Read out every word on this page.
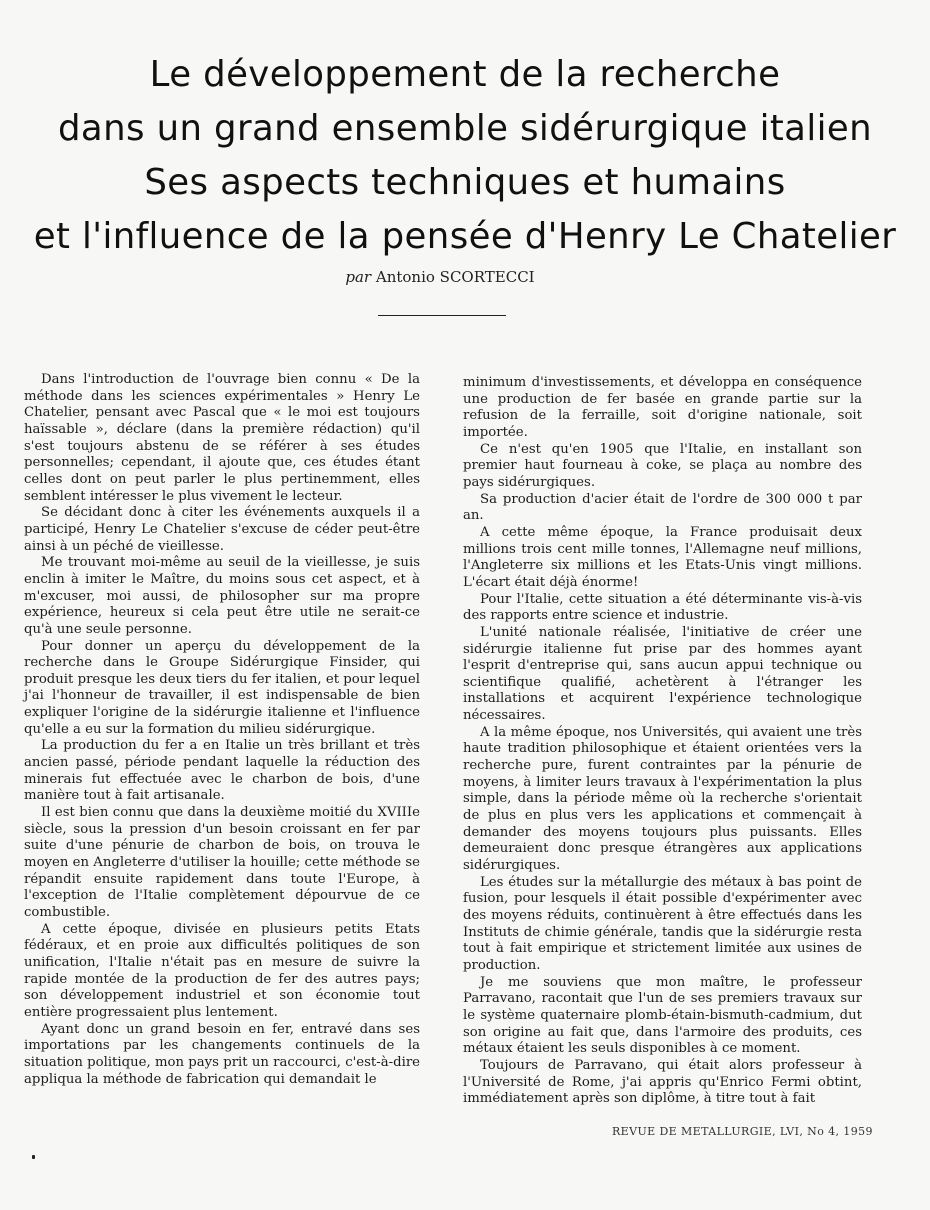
Le développement de la recherche
dans un grand ensemble sidérurgique italien
Ses aspects techniques et humains
et l'influence de la pensée d'Henry Le Chatelier
par Antonio SCORTECCI

Dans l'introduction de l'ouvrage bien connu « De la méthode dans les sciences expérimentales » Henry Le Chatelier, pensant avec Pascal que « le moi est toujours haïssable », déclare (dans la première rédaction) qu'il s'est toujours abstenu de se référer à ses études personnelles; cependant, il ajoute que, ces études étant celles dont on peut parler le plus pertinemment, elles semblent intéresser le plus vivement le lecteur.

Se décidant donc à citer les événements auxquels il a participé, Henry Le Chatelier s'excuse de céder peut-être ainsi à un péché de vieillesse.

Me trouvant moi-même au seuil de la vieillesse, je suis enclin à imiter le Maître, du moins sous cet aspect, et à m'excuser, moi aussi, de philosopher sur ma propre expérience, heureux si cela peut être utile ne serait-ce qu'à une seule personne.

Pour donner un aperçu du développement de la recherche dans le Groupe Sidérurgique Finsider, qui produit presque les deux tiers du fer italien, et pour lequel j'ai l'honneur de travailler, il est indispensable de bien expliquer l'origine de la sidérurgie italienne et l'influence qu'elle a eu sur la formation du milieu sidérurgique.

La production du fer a en Italie un très brillant et très ancien passé, période pendant laquelle la réduction des minerais fut effectuée avec le charbon de bois, d'une manière tout à fait artisanale.

Il est bien connu que dans la deuxième moitié du XVIIIe siècle, sous la pression d'un besoin croissant en fer par suite d'une pénurie de charbon de bois, on trouva le moyen en Angleterre d'utiliser la houille; cette méthode se répandit ensuite rapidement dans toute l'Europe, à l'exception de l'Italie complètement dépourvue de ce combustible.

A cette époque, divisée en plusieurs petits Etats fédéraux, et en proie aux difficultés politiques de son unification, l'Italie n'était pas en mesure de suivre la rapide montée de la production de fer des autres pays; son développement industriel et son économie tout entière progressaient plus lentement.

Ayant donc un grand besoin en fer, entravé dans ses importations par les changements continuels de la situation politique, mon pays prit un raccourci, c'est-à-dire appliqua la méthode de fabrication qui demandait le

minimum d'investissements, et développa en conséquence une production de fer basée en grande partie sur la refusion de la ferraille, soit d'origine nationale, soit importée.

Ce n'est qu'en 1905 que l'Italie, en installant son premier haut fourneau à coke, se plaça au nombre des pays sidérurgiques.

Sa production d'acier était de l'ordre de 300 000 t par an.

A cette même époque, la France produisait deux millions trois cent mille tonnes, l'Allemagne neuf millions, l'Angleterre six millions et les Etats-Unis vingt millions. L'écart était déjà énorme!

Pour l'Italie, cette situation a été déterminante vis-à-vis des rapports entre science et industrie.

L'unité nationale réalisée, l'initiative de créer une sidérurgie italienne fut prise par des hommes ayant l'esprit d'entreprise qui, sans aucun appui technique ou scientifique qualifié, achetèrent à l'étranger les installations et acquirent l'expérience technologique nécessaires.

A la même époque, nos Universités, qui avaient une très haute tradition philosophique et étaient orientées vers la recherche pure, furent contraintes par la pénurie de moyens, à limiter leurs travaux à l'expérimentation la plus simple, dans la période même où la recherche s'orientait de plus en plus vers les applications et commençait à demander des moyens toujours plus puissants. Elles demeuraient donc presque étrangères aux applications sidérurgiques.

Les études sur la métallurgie des métaux à bas point de fusion, pour lesquels il était possible d'expérimenter avec des moyens réduits, continuèrent à être effectués dans les Instituts de chimie générale, tandis que la sidérurgie resta tout à fait empirique et strictement limitée aux usines de production.

Je me souviens que mon maître, le professeur Parravano, racontait que l'un de ses premiers travaux sur le système quaternaire plomb-étain-bismuth-cadmium, dut son origine au fait que, dans l'armoire des produits, ces métaux étaient les seuls disponibles à ce moment.

Toujours de Parravano, qui était alors professeur à l'Université de Rome, j'ai appris qu'Enrico Fermi obtint, immédiatement après son diplôme, à titre tout à fait

REVUE DE METALLURGIE, LVI, No 4, 1959
